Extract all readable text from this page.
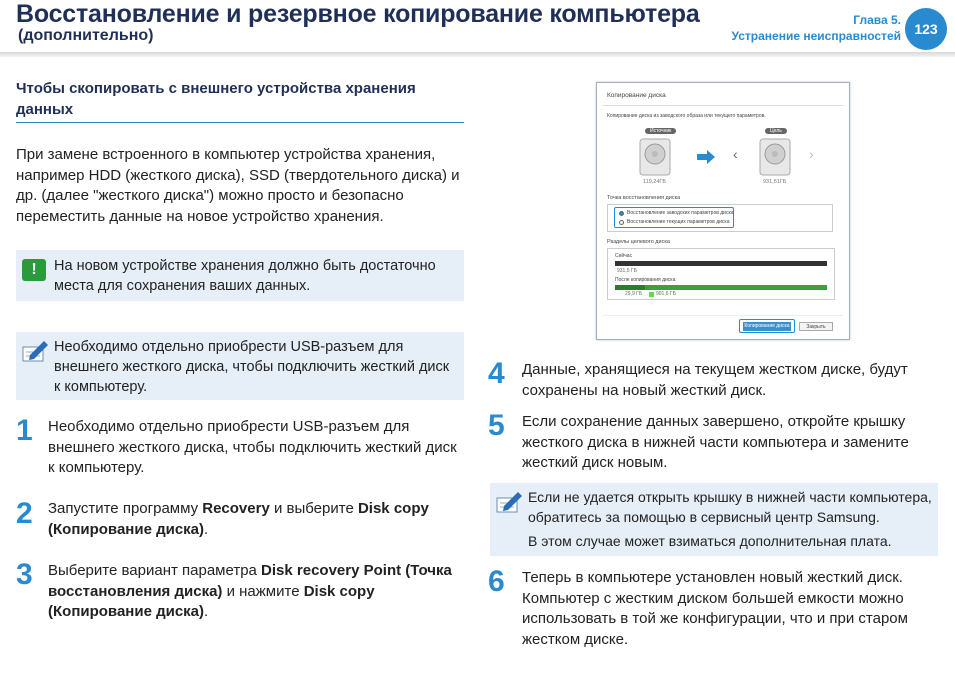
Восстановление и резервное копирование компьютера
(дополнительно)
Глава 5.
Устранение неисправностей 123
Чтобы скопировать с внешнего устройства хранения данных
При замене встроенного в компьютер устройства хранения, например HDD (жесткого диска), SSD (твердотельного диска) и др. (далее "жесткого диска") можно просто и безопасно переместить данные на новое устройство хранения.
!	На новом устройстве хранения должно быть достаточно места для сохранения ваших данных.
Необходимо отдельно приобрести USB-разъем для внешнего жесткого диска, чтобы подключить жесткий диск к компьютеру.
1 Необходимо отдельно приобрести USB-разъем для внешнего жесткого диска, чтобы подключить жесткий диск к компьютеру.
2 Запустите программу Recovery и выберите Disk copy (Копирование диска).
3 Выберите вариант параметра Disk recovery Point (Точка восстановления диска) и нажмите Disk copy (Копирование диска).
Копирование диска
Копирование диска из заводского образа или текущего параметров.
Источник
119,24ГБ
‹
Цель
931,51ГБ
›
Точка восстановления диска
Восстановление заводских параметров диска
Восстановление текущих параметров диска
Разделы целевого диска
Сейчас
931,5 ГБ
После копирования диска
29,9 ГБ	901,6 ГБ
Копирование диска	Закрыть
4 Данные, хранящиеся на текущем жестком диске, будут сохранены на новый жесткий диск.
5 Если сохранение данных завершено, откройте крышку жесткого диска в нижней части компьютера и замените жесткий диск новым.
Если не удается открыть крышку в нижней части компьютера, обратитесь за помощью в сервисный центр Samsung.
В этом случае может взиматься дополнительная плата.
6 Теперь в компьютере установлен новый жесткий диск. Компьютер с жестким диском большей емкости можно использовать в той же конфигурации, что и при старом жестком диске.
